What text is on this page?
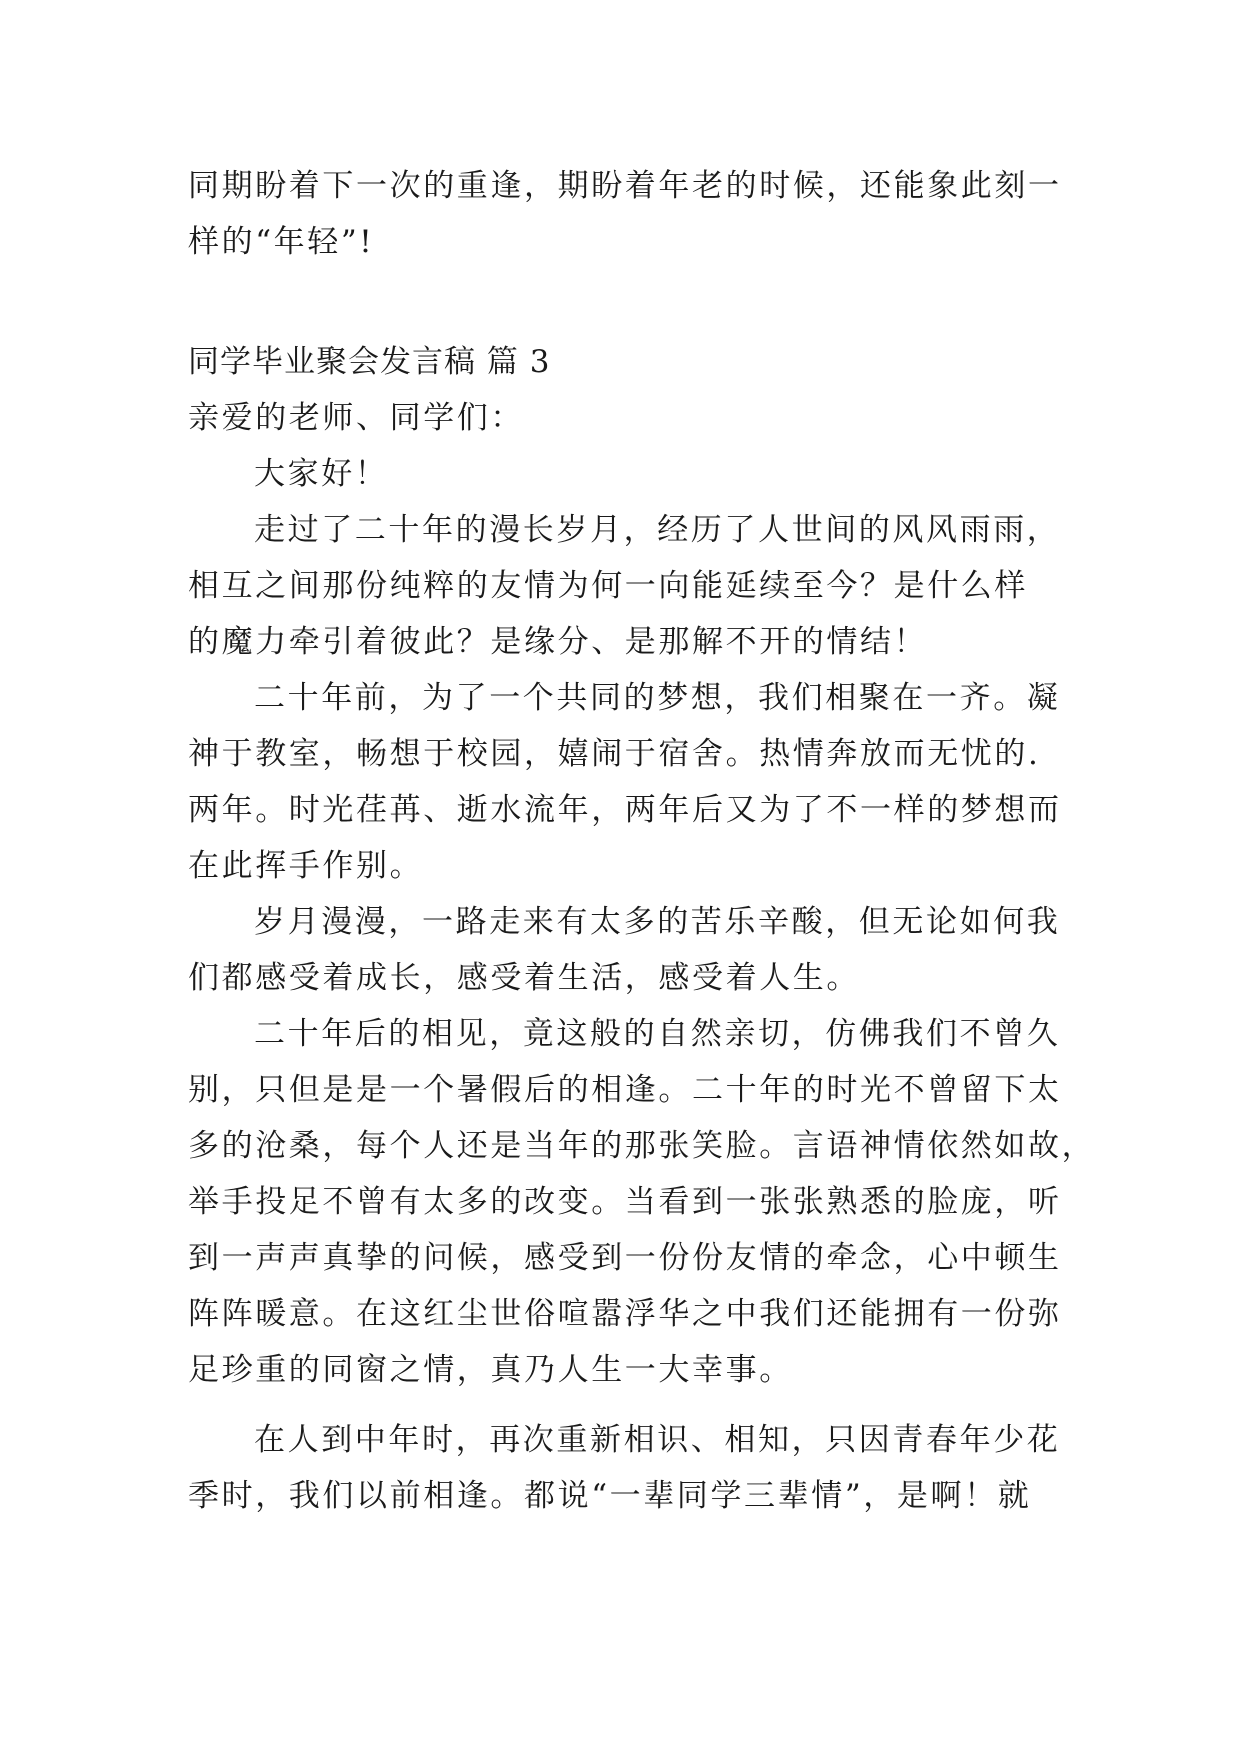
同期盼着下一次的重逢，期盼着年老的时候，还能象此刻一
样的“年轻”!
同学毕业聚会发言稿 篇 3
亲爱的老师、同学们：
大家好！
走过了二十年的漫长岁月，经历了人世间的风风雨雨，
相互之间那份纯粹的友情为何一向能延续至今？是什么样
的魔力牵引着彼此？是缘分、是那解不开的情结！
二十年前，为了一个共同的梦想，我们相聚在一齐。凝
神于教室，畅想于校园，嬉闹于宿舍。热情奔放而无忧的.
两年。时光荏苒、逝水流年，两年后又为了不一样的梦想而
在此挥手作别。
岁月漫漫，一路走来有太多的苦乐辛酸，但无论如何我
们都感受着成长，感受着生活，感受着人生。
二十年后的相见，竟这般的自然亲切，仿佛我们不曾久
别，只但是是一个暑假后的相逢。二十年的时光不曾留下太
多的沧桑，每个人还是当年的那张笑脸。言语神情依然如故，
举手投足不曾有太多的改变。当看到一张张熟悉的脸庞，听
到一声声真挚的问候，感受到一份份友情的牵念，心中顿生
阵阵暖意。在这红尘世俗喧嚣浮华之中我们还能拥有一份弥
足珍重的同窗之情，真乃人生一大幸事。
在人到中年时，再次重新相识、相知，只因青春年少花
季时，我们以前相逢。都说“一辈同学三辈情”，是啊！就
